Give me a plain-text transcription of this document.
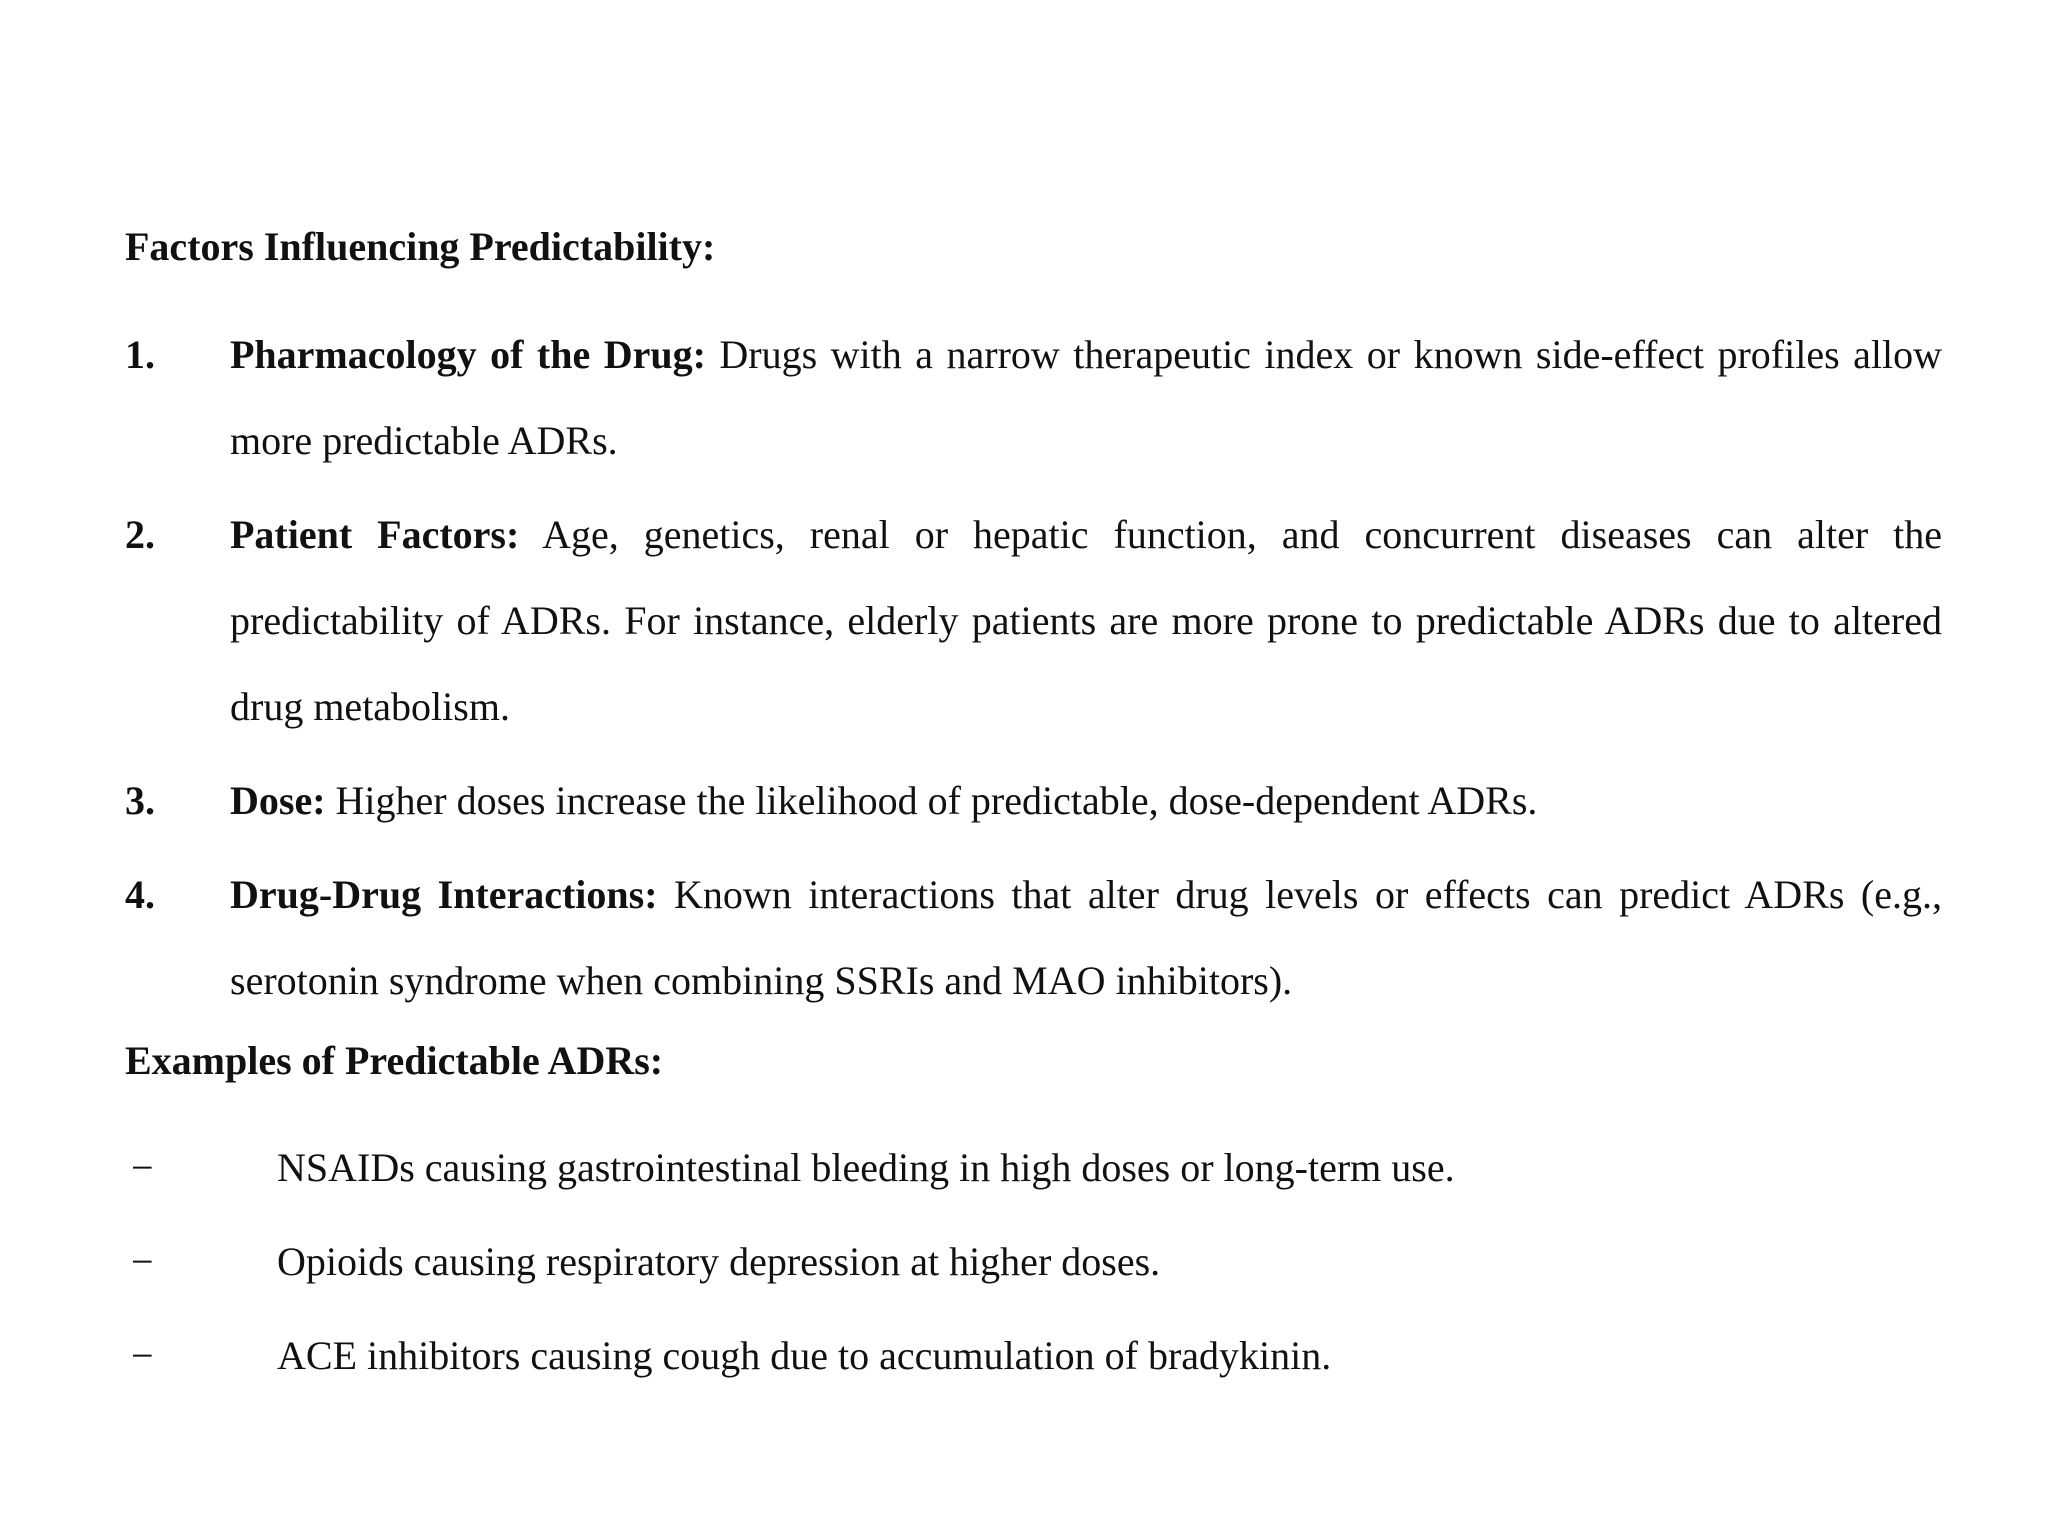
Factors Influencing Predictability:

1. Pharmacology of the Drug: Drugs with a narrow therapeutic index or known side-effect profiles allow more predictable ADRs.
2. Patient Factors: Age, genetics, renal or hepatic function, and concurrent diseases can alter the predictability of ADRs. For instance, elderly patients are more prone to predictable ADRs due to altered drug metabolism.
3. Dose: Higher doses increase the likelihood of predictable, dose-dependent ADRs.
4. Drug-Drug Interactions: Known interactions that alter drug levels or effects can predict ADRs (e.g., serotonin syndrome when combining SSRIs and MAO inhibitors).

Examples of Predictable ADRs:

−	NSAIDs causing gastrointestinal bleeding in high doses or long-term use.
−	Opioids causing respiratory depression at higher doses.
−	ACE inhibitors causing cough due to accumulation of bradykinin.
